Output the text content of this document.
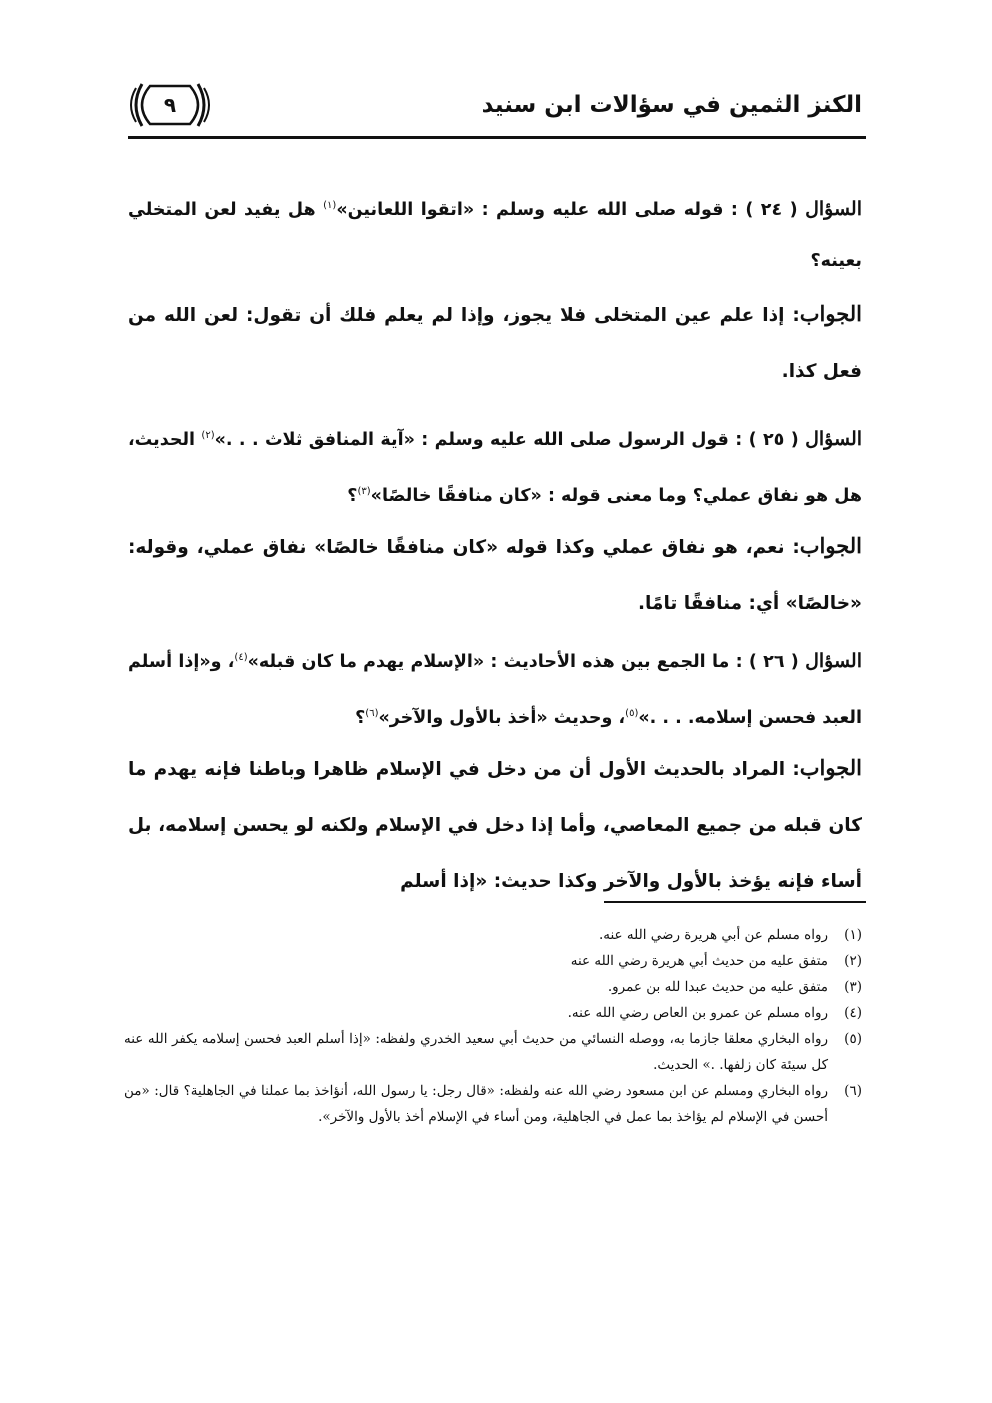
الكنز الثمين في سؤالات ابن سنيد
٩
السؤال ( ٢٤ ) : قوله صلى الله عليه وسلم : «اتقوا اللعانين»$^{(١)}$ هل يفيد لعن المتخلي بعينه؟
الجواب: إذا علم عين المتخلى فلا يجوز، وإذا لم يعلم فلك أن تقول: لعن الله من فعل كذا.
السؤال ( ٢٥ ) : قول الرسول صلى الله عليه وسلم : «آية المنافق ثلاث . . .»$^{(٢)}$ الحديث، هل هو نفاق عملي؟ وما معنى قوله : «كان منافقًا خالصًا»$^{(٣)}$؟
الجواب: نعم، هو نفاق عملي وكذا قوله «كان منافقًا خالصًا» نفاق عملي، وقوله: «خالصًا» أي: منافقًا تامًا.
السؤال ( ٢٦ ) : ما الجمع بين هذه الأحاديث : «الإسلام يهدم ما كان قبله»$^{(٤)}$، و«إذا أسلم العبد فحسن إسلامه. . . .»$^{(٥)}$، وحديث «أخذ بالأول والآخر»$^{(٦)}$؟
الجواب: المراد بالحديث الأول أن من دخل في الإسلام ظاهرا وباطنا فإنه يهدم ما كان قبله من جميع المعاصي، وأما إذا دخل في الإسلام ولكنه لو يحسن إسلامه، بل أساء فإنه يؤخذ بالأول والآخر وكذا حديث: «إذا أسلم
(١)
رواه مسلم عن أبي هريرة رضي الله عنه.
(٢)
متفق عليه من حديث أبي هريرة رضي الله عنه
(٣)
متفق عليه من حديث عبدا لله بن عمرو.
(٤)
رواه مسلم عن عمرو بن العاص رضي الله عنه.
(٥)
رواه البخاري معلقا جازما به، ووصله النسائي من حديث أبي سعيد الخدري ولفظه: «إذا أسلم العبد فحسن إسلامه يكفر الله عنه كل سيئة كان زلفها. .» الحديث.
(٦)
رواه البخاري ومسلم عن ابن مسعود رضي الله عنه ولفظه: «قال رجل: يا رسول الله، أنؤاخذ بما عملنا في الجاهلية؟ قال: «من أحسن في الإسلام لم يؤاخذ بما عمل في الجاهلية، ومن أساء في الإسلام أخذ بالأول والآخر».
